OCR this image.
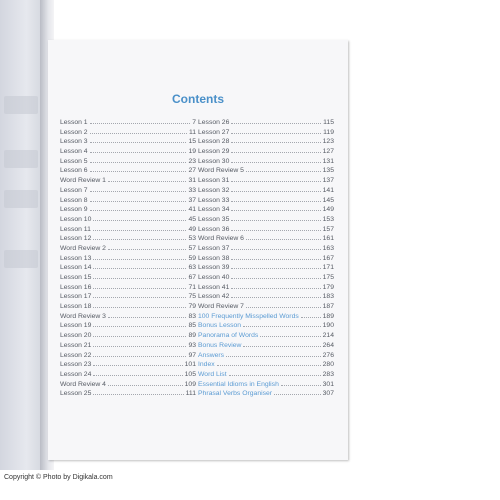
Contents
Lesson 1	7
Lesson 2	11
Lesson 3	15
Lesson 4	19
Lesson 5	23
Lesson 6	27
Word Review 1	31
Lesson 7	33
Lesson 8	37
Lesson 9	41
Lesson 10	45
Lesson 11	49
Lesson 12	53
Word Review 2	57
Lesson 13	59
Lesson 14	63
Lesson 15	67
Lesson 16	71
Lesson 17	75
Lesson 18	79
Word Review 3	83
Lesson 19	85
Lesson 20	89
Lesson 21	93
Lesson 22	97
Lesson 23	101
Lesson 24	105
Word Review 4	109
Lesson 25	111
Lesson 26	115
Lesson 27	119
Lesson 28	123
Lesson 29	127
Lesson 30	131
Word Review 5	135
Lesson 31	137
Lesson 32	141
Lesson 33	145
Lesson 34	149
Lesson 35	153
Lesson 36	157
Word Review 6	161
Lesson 37	163
Lesson 38	167
Lesson 39	171
Lesson 40	175
Lesson 41	179
Lesson 42	183
Word Review 7	187
100 Frequently Misspelled Words	189
Bonus Lesson	190
Panorama of Words	214
Bonus Review	264
Answers	276
Index	280
Word List	283
Essential Idioms in English	301
Phrasal Verbs Organiser	307
Copyright © Photo by Digikala.com
